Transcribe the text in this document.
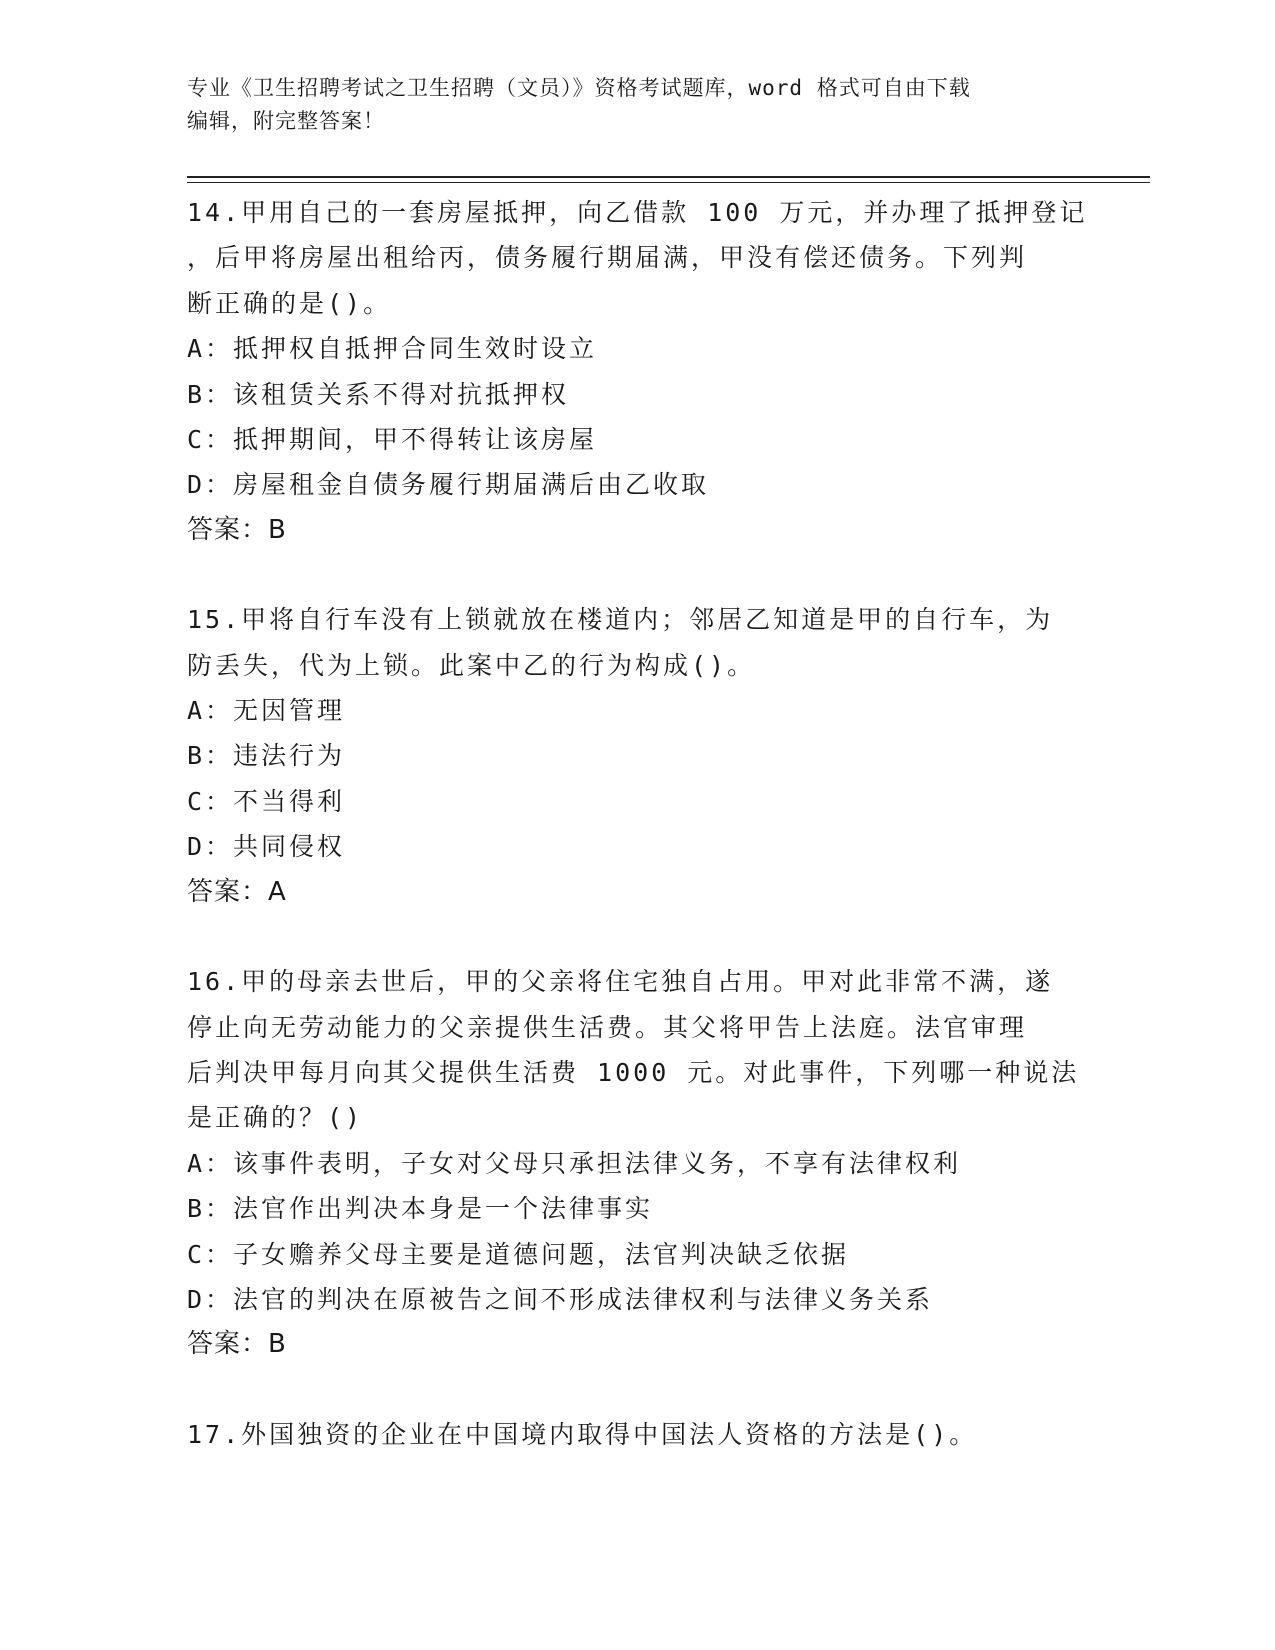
专业《卫生招聘考试之卫生招聘（文员）》资格考试题库，word 格式可自由下载
编辑，附完整答案！
14.甲用自己的一套房屋抵押，向乙借款 100 万元，并办理了抵押登记
，后甲将房屋出租给丙，债务履行期届满，甲没有偿还债务。下列判
断正确的是()。
A：抵押权自抵押合同生效时设立
B：该租赁关系不得对抗抵押权
C：抵押期间，甲不得转让该房屋
D：房屋租金自债务履行期届满后由乙收取
答案：B
15.甲将自行车没有上锁就放在楼道内；邻居乙知道是甲的自行车，为
防丢失，代为上锁。此案中乙的行为构成()。
A：无因管理
B：违法行为
C：不当得利
D：共同侵权
答案：A
16.甲的母亲去世后，甲的父亲将住宅独自占用。甲对此非常不满，遂
停止向无劳动能力的父亲提供生活费。其父将甲告上法庭。法官审理
后判决甲每月向其父提供生活费 1000 元。对此事件，下列哪一种说法
是正确的？()
A：该事件表明，子女对父母只承担法律义务，不享有法律权利
B：法官作出判决本身是一个法律事实
C：子女赡养父母主要是道德问题，法官判决缺乏依据
D：法官的判决在原被告之间不形成法律权利与法律义务关系
答案：B
17.外国独资的企业在中国境内取得中国法人资格的方法是()。
